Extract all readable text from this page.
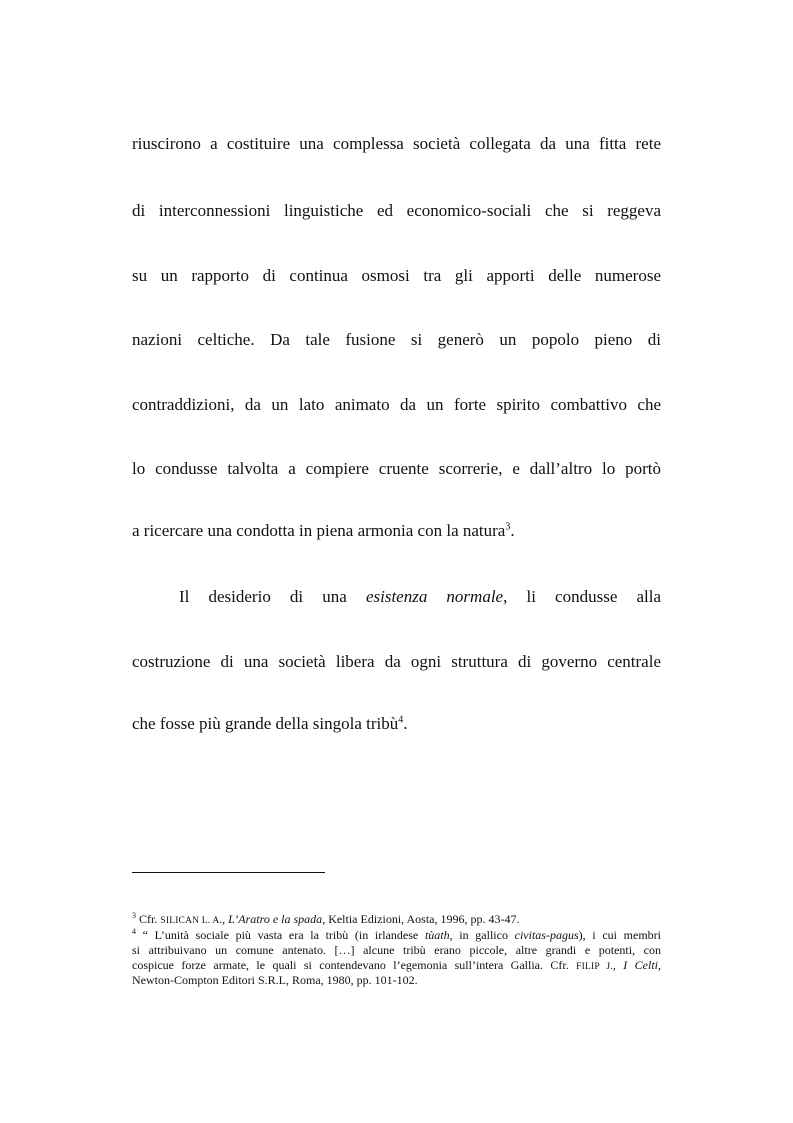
riuscirono a costituire una complessa società collegata da una fitta rete
di interconnessioni linguistiche ed economico-sociali che si reggeva
su un rapporto di continua osmosi tra gli apporti delle numerose
nazioni celtiche. Da tale fusione si generò un popolo pieno di
contraddizioni, da un lato animato da un forte spirito combattivo che
lo condusse talvolta a compiere cruente scorrerie, e dall’altro lo portò
a ricercare una condotta in piena armonia con la natura$^3$.
Il desiderio di una esistenza normale, li condusse alla
costruzione di una società libera da ogni struttura di governo centrale
che fosse più grande della singola tribù$^4$.
$^3$ Cfr. SILICAN L. A., L’Aratro e la spada, Keltia Edizioni, Aosta, 1996, pp. 43-47.
$^4$ “ L’unità sociale più vasta era la tribù (in irlandese tùath, in gallico civitas-pagus), i cui membri
si attribuivano un comune antenato. […] alcune tribù erano piccole, altre grandi e potenti, con
cospicue forze armate, le quali si contendevano l’egemonia sull’intera Gallia. Cfr. FILIP J., I Celti,
Newton-Compton Editori S.R.L, Roma, 1980, pp. 101-102.
